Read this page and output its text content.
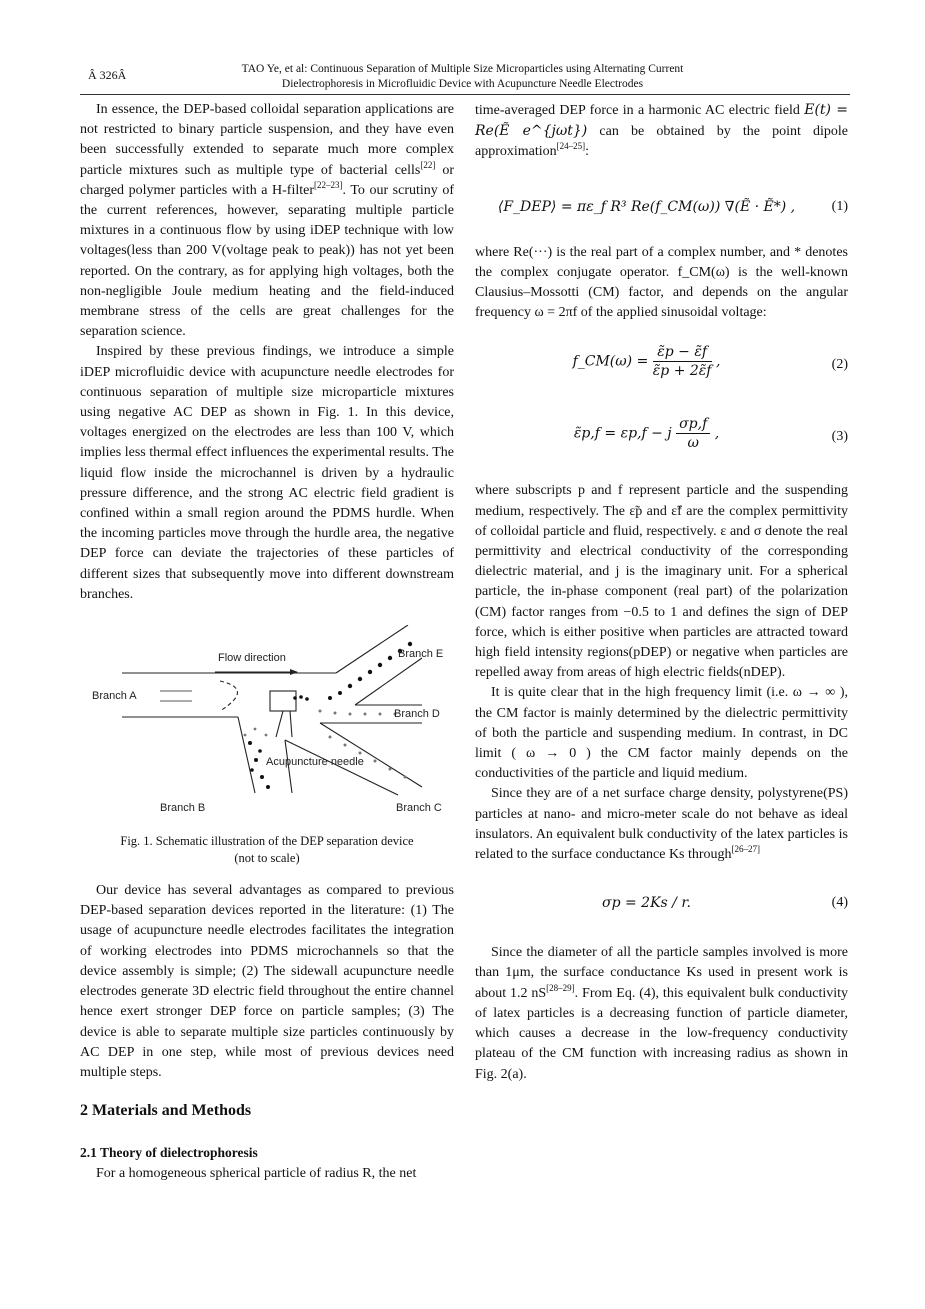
Â 326Â	TAO Ye, et al: Continuous Separation of Multiple Size Microparticles using Alternating Current
Dielectrophoresis in Microfluidic Device with Acupuncture Needle Electrodes

In essence, the DEP-based colloidal separation applications are not restricted to binary particle suspension, and they have even been successfully extended to separate much more complex particle mixtures such as multiple type of bacterial cells[22] or charged polymer particles with a H-filter[22–23]. To our scrutiny of the current references, however, separating multiple particle mixtures in a continuous flow by using iDEP technique with low voltages(less than 200 V(voltage peak to peak)) has not yet been reported. On the contrary, as for applying high voltages, both the non-negligible Joule medium heating and the field-induced membrane stress of the cells are great challenges for the separation science.

Inspired by these previous findings, we introduce a simple iDEP microfluidic device with acupuncture needle electrodes for continuous separation of multiple size microparticle mixtures using negative AC DEP as shown in Fig. 1. In this device, voltages energized on the electrodes are less than 100 V, which implies less thermal effect influences the experimental results. The liquid flow inside the microchannel is driven by a hydraulic pressure difference, and the strong AC electric field gradient is confined within a small region around the PDMS hurdle. When the incoming particles move through the hurdle area, the negative DEP force can deviate the trajectories of these particles of different sizes that subsequently move into different downstream branches.

Flow direction
Branch A
Branch B	Branch C
Branch D
Branch E
Acupuncture needle
Fig. 1. Schematic illustration of the DEP separation device
(not to scale)

Our device has several advantages as compared to previous DEP-based separation devices reported in the literature: (1) The usage of acupuncture needle electrodes facilitates the integration of working electrodes into PDMS microchannels so that the device assembly is simple; (2) The sidewall acupuncture needle electrodes generate 3D electric field throughout the entire channel hence exert stronger DEP force on particle samples; (3) The device is able to separate multiple size particles continuously by AC DEP in one step, while most of previous devices need multiple steps.

2 Materials and Methods
2.1 Theory of dielectrophoresis

For a homogeneous spherical particle of radius R, the net

time-averaged DEP force in a harmonic AC electric field E(t) = Re(Ẽ e^{jωt}) can be obtained by the point dipole approximation[24–25]:

⟨F_DEP⟩ = πε_f R³ Re(f_CM(ω)) ∇(Ẽ · Ẽ*) ,	(1)

where Re(···) is the real part of a complex number, and * denotes the complex conjugate operator. f_CM(ω) is the well-known Clausius–Mossotti (CM) factor, and depends on the angular frequency ω = 2πf of the applied sinusoidal voltage:

f_CM(ω) = $\frac{\varepsiloñp - \varepsiloñf}{\varepsiloñp + 2\varepsiloñf}$ ,	(2)
ε̃p,f = εp,f − j $\frac{\sigma p,f}{\omega}$ ,	(3)

where subscripts p and f represent particle and the suspending medium, respectively. The ε̃p and ε̃f are the complex permittivity of colloidal particle and fluid, respectively. ε and σ denote the real permittivity and electrical conductivity of the corresponding dielectric material, and j is the imaginary unit. For a spherical particle, the in-phase component (real part) of the polarization (CM) factor ranges from −0.5 to 1 and defines the sign of DEP force, which is either positive when particles are attracted toward high field intensity regions(pDEP) or negative when particles are repelled away from areas of high electric fields(nDEP).

It is quite clear that in the high frequency limit (i.e. ω → ∞ ), the CM factor is mainly determined by the dielectric permittivity of both the particle and suspending medium. In contrast, in DC limit ( ω → 0 ) the CM factor mainly depends on the conductivities of the particle and liquid medium.

Since they are of a net surface charge density, polystyrene(PS) particles at nano- and micro-meter scale do not behave as ideal insulators. An equivalent bulk conductivity of the latex particles is related to the surface conductance Ks through[26–27]

σp = 2Ks / r.	(4)

Since the diameter of all the particle samples involved is more than 1μm, the surface conductance Ks used in present work is about 1.2 nS[28–29]. From Eq. (4), this equivalent bulk conductivity of latex particles is a decreasing function of particle diameter, which causes a decrease in the low-frequency conductivity plateau of the CM function with increasing radius as shown in Fig. 2(a).
